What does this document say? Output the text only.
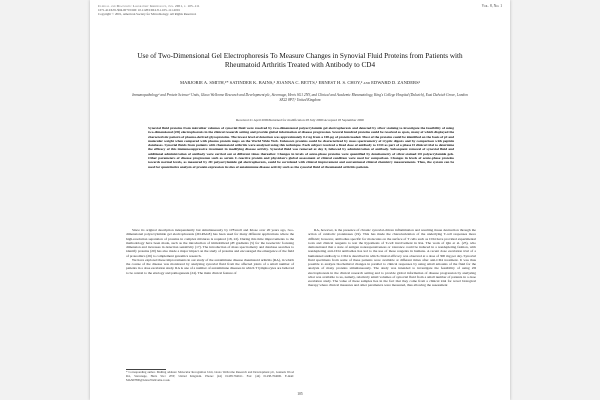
Clinical and Diagnostic Laboratory Immunology, Jan. 2001, p. 105–111
1071-412X/01/$04.00+0 DOI: 10.1128/CDLI.8.1.105–111.2001
Copyright © 2001, American Society for Microbiology. All Rights Reserved.
Vol. 8, No. 1
Use of Two-Dimensional Gel Electrophoresis To Measure Changes in Synovial Fluid Proteins from Patients with Rheumatoid Arthritis Treated with Antibody to CD4
MARJORIE A. SMITH,¹* SATINDER K. BAINS,² JOANNA C. BETTS,¹ ERNEST H. S. CHOY,² and EDWARD D. ZANDERS¹
Immunopathology¹ and Protein Science² Units, Glaxo Wellcome Research and Development plc, Stevenage, Herts SG1 2NY, and Clinical and Academic Rheumatology, King's College Hospital (Dulwich), East Dulwich Grove, London SE22 8PT,² United Kingdom
Received 21 April 2000/Returned for modification 28 July 2000/Accepted 18 September 2000
Synovial fluid proteins from microliter volumes of synovial fluid were resolved by two-dimensional polyacrylamide gel electrophoresis and detected by silver staining to investigate the feasibility of using two-dimensional (2D) electrophoresis in the clinical research setting and provide global information of disease progression. Several hundred proteins could be resolved as spots, many of which displayed the characteristic pattern of plasma-derived glycoproteins. The lowest level of detection was approximately 0.2 ng from a 100-μg of protein loaded. Most of the proteins could be identified on the basis of pI and molecular weight when compared with plasma protein maps on the World Wide Web. Unknown proteins could be characterized by mass spectrometry of tryptic digests and by comparison with peptide databases. Synovial fluids from patients with rheumatoid arthritis were analyzed using this technique. Each subject received a fixed dose of antibody to CD4 as part of a phase II clinical trial to determine the efficacy of this immunosuppressive treatment in modifying disease activity. Synovial fluid was removed at day 0, followed by administration of antibody. Subsequent removal of synovial fluid and additional administration of antibody were carried out at different times thereafter. Changes in levels of acute-phase proteins were quantified by densitometry of silver-stained 2D polyacrylamide gels. Other parameters of disease progression such as serum C-reactive protein and physician's global assessment of clinical condition were used for comparison. Changes in levels of acute-phase proteins towards normal levels, as measured by 2D polyacrylamide gel electrophoresis, could be correlated with clinical improvement and conventional clinical chemistry measurements. Thus, the system can be used for quantitative analysis of protein expression in sites of autoimmune disease activity such as the synovial fluid of rheumatoid arthritis patients.

Since its original description independently but simultaneously by O'Farrell and Klose over 20 years ago, two-dimensional polyacrylamide gel electrophoresis (2D-PAGE) has been used for many different applications where the high-resolution separation of proteins in complex mixtures is required (18, 22). During this time improvements to the methodology have been made, such as the introduction of immobilized pH gradients (5) for the isoelectric focusing dimension and increases in detection sensitivity (17). The introduction of mass spectrometry and database searches to identify proteins (20) has also made a major impact on the study of proteins and encouraged the emergence of the field of proteomics (26) to complement genomics research.

We have explored these improvements in our study of the autoimmune disease rheumatoid arthritis (RA), in which the course of the disease was monitored by analyzing synovial fluid from the affected joints of a small number of patients in a dose escalation study. RA is one of a number of autoimmune diseases in which T lymphocytes are believed to be central to the etiology and pathogenesis (24). The main clinical feature of

RA, however, is the presence of chronic synovial-driven inflammation and resulting tissue destruction through the action of catabolic proteinases (19). This has made the characterization of the underlying T-cell responses more difficult; however, antibodies specific for molecules on the surface of T cells such as CD4 have provided experimental tools and clinical reagents to test the hypothesis of T-cell involvement in RA. The work of Qin et al. (25), who demonstrated that a state of antigen nonresponsiveness or tolerance could be induced in a nondepleting fashion, with nondepleting anti-CD4 antibodies has led to the use of these reagents in humans. A recent dose escalation trial of a humanized antibody to CD4 is described in which clinical efficacy was observed at a dose of 300 mg per day. Synovial fluid specimens from some of these patients were available at different times after anti-CD4 treatment. It was thus possible to analyze biochemical changes in parallel to clinical responses by using small amounts of the fluid for the analysis of many proteins simultaneously. The study was intended to investigate the feasibility of using 2D electrophoresis in the clinical research setting and to provide global information of disease progression by analyzing what was available to us, namely, relatively small volumes of synovial fluid from a small number of patients in a dose escalation study. The value of these samples lies in the fact that they come from a clinical trial for novel biological therapy where clinical measures and other parameters were measured, thus allowing the assessment

* Corresponding author. Mailing address: Molecular Recognition Unit, Glaxo Wellcome Research and Development plc, Gunnels Wood Rd., Stevenage, Herts SG1 2NY, United Kingdom. Phone: (44) 01438-764611. Fax: (44) 01438-764606. E-mail: MAS67800@GlaxoWellcome.co.uk.
105
